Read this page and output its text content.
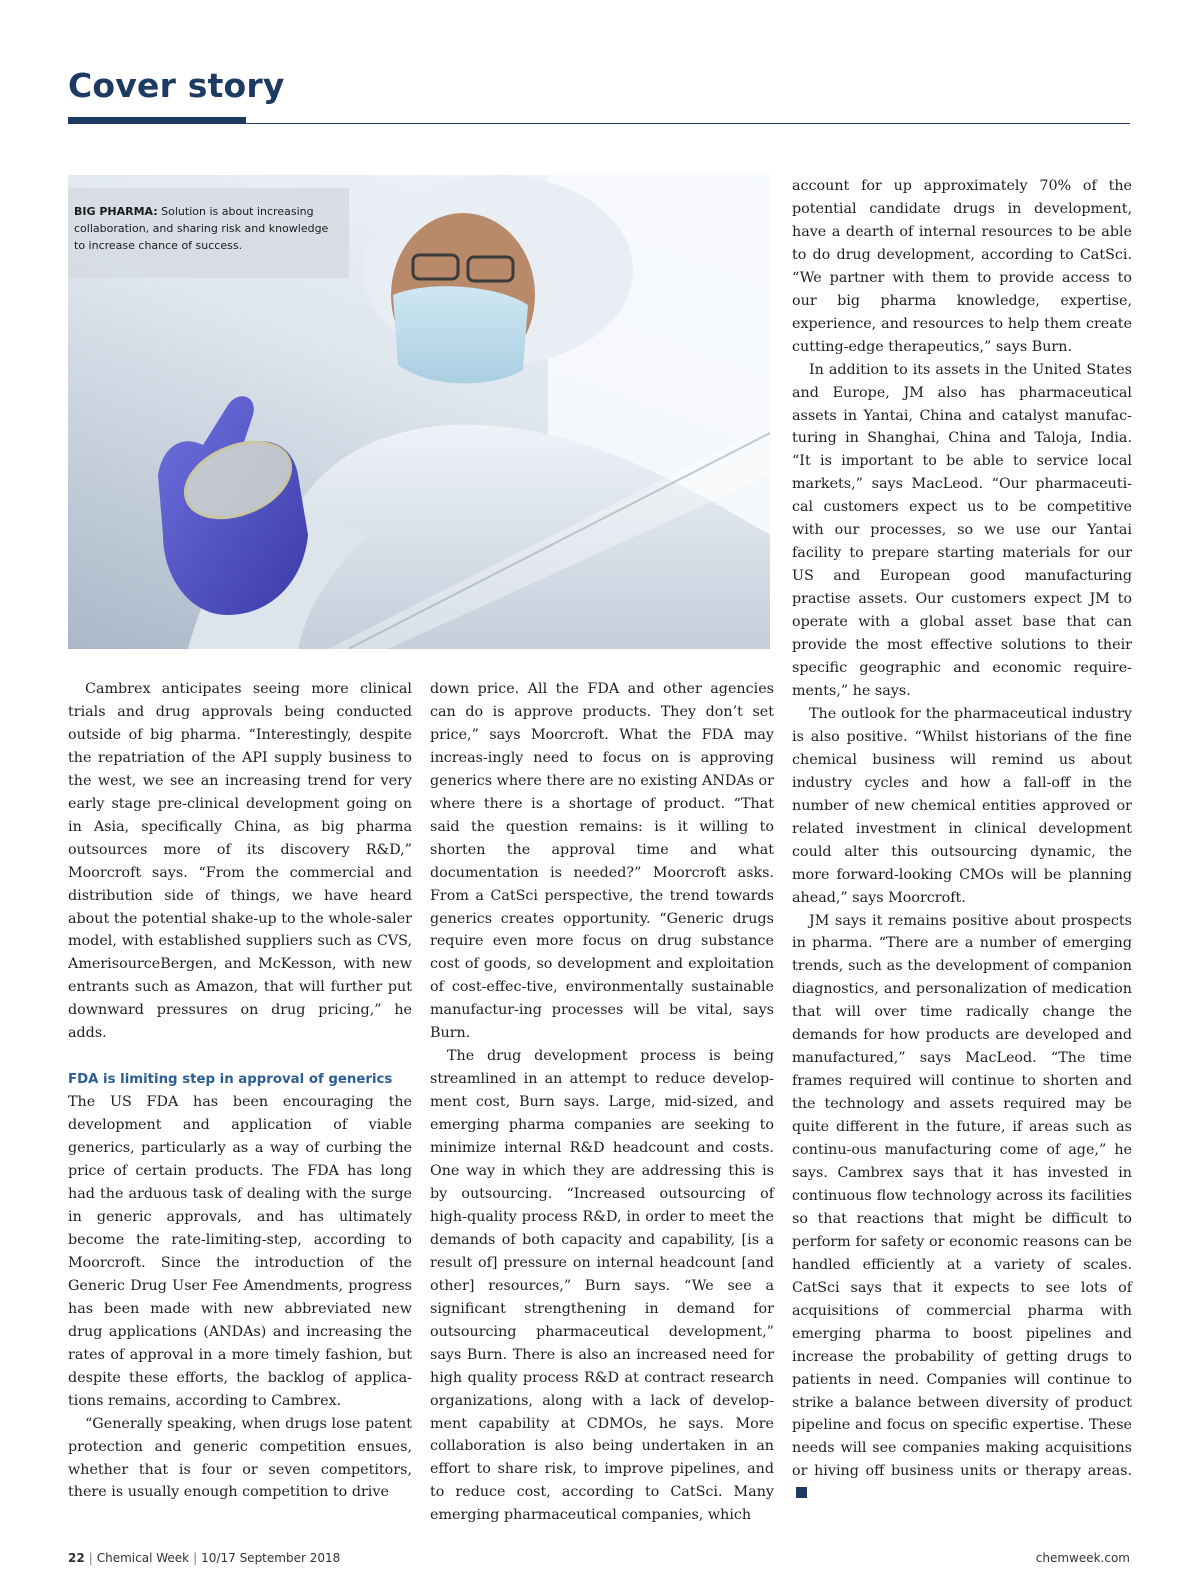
Cover story
BIG PHARMA: Solution is about increasing collaboration, and sharing risk and knowledge to increase chance of success.

Cambrex anticipates seeing more clinical trials and drug approvals being conducted outside of big pharma. “Interestingly, despite the repatriation of the API supply business to the west, we see an increasing trend for very early stage pre-clinical development going on in Asia, specifically China, as big pharma outsources more of its discovery R&D,” Moorcroft says. “From the commercial and distribution side of things, we have heard about the potential shake-up to the whole-saler model, with established suppliers such as CVS, AmerisourceBergen, and McKesson, with new entrants such as Amazon, that will further put downward pressures on drug pricing,” he adds.

FDA is limiting step in approval of generics

The US FDA has been encouraging the development and application of viable generics, particularly as a way of curbing the price of certain products. The FDA has long had the arduous task of dealing with the surge in generic approvals, and has ultimately become the rate-limiting-step, according to Moorcroft. Since the introduction of the Generic Drug User Fee Amendments, progress has been made with new abbreviated new drug applications (ANDAs) and increasing the rates of approval in a more timely fashion, but despite these efforts, the backlog of applica-tions remains, according to Cambrex.

“Generally speaking, when drugs lose patent protection and generic competition ensues, whether that is four or seven competitors, there is usually enough competition to drive

down price. All the FDA and other agencies can do is approve products. They don’t set price,” says Moorcroft. What the FDA may increas-ingly need to focus on is approving generics where there are no existing ANDAs or where there is a shortage of product. “That said the question remains: is it willing to shorten the approval time and what documentation is needed?” Moorcroft asks. From a CatSci perspective, the trend towards generics creates opportunity. “Generic drugs require even more focus on drug substance cost of goods, so development and exploitation of cost-effec-tive, environmentally sustainable manufactur-ing processes will be vital, says Burn.

The drug development process is being streamlined in an attempt to reduce develop-ment cost, Burn says. Large, mid-sized, and emerging pharma companies are seeking to minimize internal R&D headcount and costs. One way in which they are addressing this is by outsourcing. “Increased outsourcing of high-quality process R&D, in order to meet the demands of both capacity and capability, [is a result of] pressure on internal headcount [and other] resources,” Burn says. “We see a significant strengthening in demand for outsourcing pharmaceutical development,” says Burn. There is also an increased need for high quality process R&D at contract research organizations, along with a lack of develop-ment capability at CDMOs, he says. More collaboration is also being undertaken in an effort to share risk, to improve pipelines, and to reduce cost, according to CatSci. Many emerging pharmaceutical companies, which

account for up approximately 70% of the potential candidate drugs in development, have a dearth of internal resources to be able to do drug development, according to CatSci. “We partner with them to provide access to our big pharma knowledge, expertise, experience, and resources to help them create cutting-edge therapeutics,” says Burn.

In addition to its assets in the United States and Europe, JM also has pharmaceutical assets in Yantai, China and catalyst manufac-turing in Shanghai, China and Taloja, India. “It is important to be able to service local markets,” says MacLeod. “Our pharmaceuti-cal customers expect us to be competitive with our processes, so we use our Yantai facility to prepare starting materials for our US and European good manufacturing practise assets. Our customers expect JM to operate with a global asset base that can provide the most effective solutions to their specific geographic and economic require-ments,” he says.

The outlook for the pharmaceutical industry is also positive. “Whilst historians of the fine chemical business will remind us about industry cycles and how a fall-off in the number of new chemical entities approved or related investment in clinical development could alter this outsourcing dynamic, the more forward-looking CMOs will be planning ahead,” says Moorcroft.

JM says it remains positive about prospects in pharma. “There are a number of emerging trends, such as the development of companion diagnostics, and personalization of medication that will over time radically change the demands for how products are developed and manufactured,” says MacLeod. “The time frames required will continue to shorten and the technology and assets required may be quite different in the future, if areas such as continu-ous manufacturing come of age,” he says. Cambrex says that it has invested in continuous flow technology across its facilities so that reactions that might be difficult to perform for safety or economic reasons can be handled efficiently at a variety of scales. CatSci says that it expects to see lots of acquisitions of commercial pharma with emerging pharma to boost pipelines and increase the probability of getting drugs to patients in need. Companies will continue to strike a balance between diversity of product pipeline and focus on specific expertise. These needs will see companies making acquisitions or hiving off business units or therapy areas.

22 | Chemical Week | 10/17 September 2018	chemweek.com
